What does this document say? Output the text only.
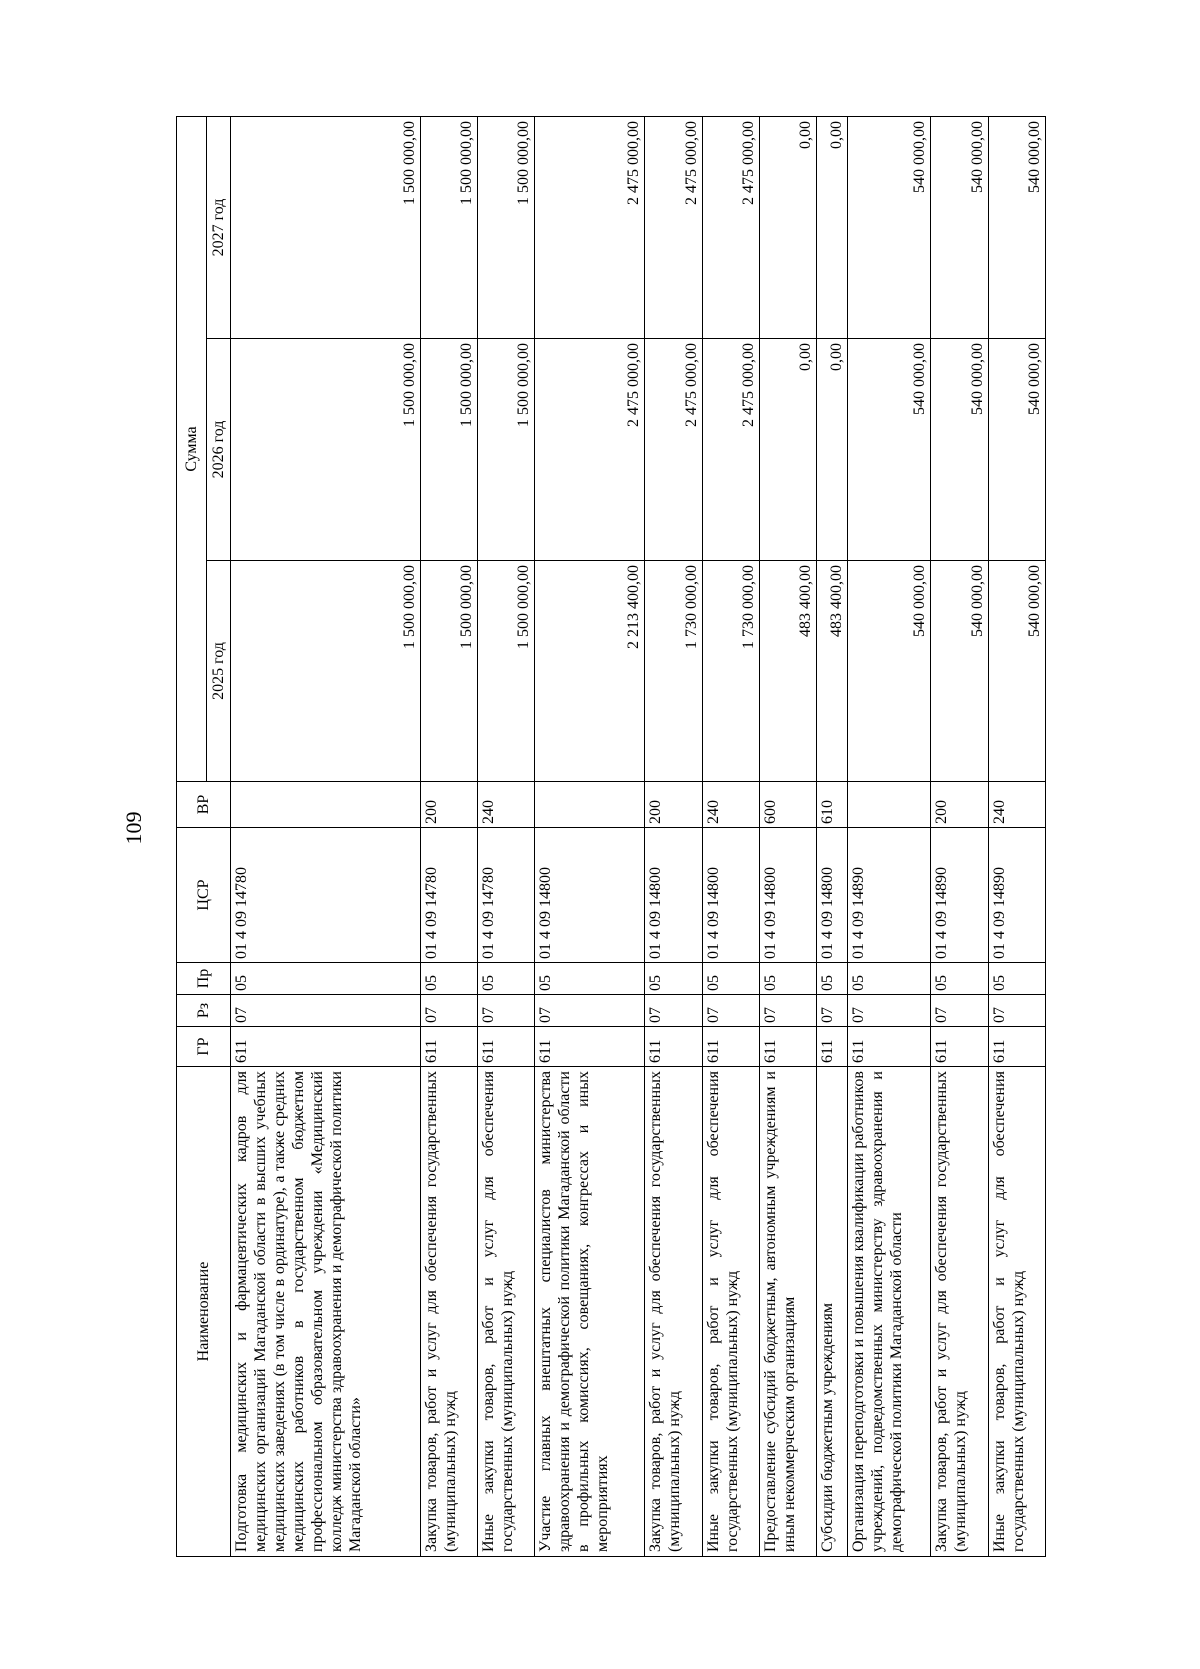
109
Наименование	ГР	Рз	Пр	ЦСР	ВР	Сумма		
						2025 год	2026 год	2027 год
Подготовка медицинских и фармацевтических кадров для медицинских организаций Магаданской области в высших учебных медицинских заведениях (в том числе в ординатуре), а также средних медицинских работников в государственном бюджетном профессиональном образовательном учреждении «Медицинский колледж министерства здравоохранения и демографической политики Магаданской области»	611	07	05	01 4 09 14780		1 500 000,00	1 500 000,00	1 500 000,00
Закупка товаров, работ и услуг для обеспечения государственных (муниципальных) нужд	611	07	05	01 4 09 14780	200	1 500 000,00	1 500 000,00	1 500 000,00
Иные закупки товаров, работ и услуг для обеспечения государственных (муниципальных) нужд	611	07	05	01 4 09 14780	240	1 500 000,00	1 500 000,00	1 500 000,00
Участие главных внештатных специалистов министерства здравоохранения и демографической политики Магаданской области в профильных комиссиях, совещаниях, конгрессах и иных мероприятиях	611	07	05	01 4 09 14800		2 213 400,00	2 475 000,00	2 475 000,00
Закупка товаров, работ и услуг для обеспечения государственных (муниципальных) нужд	611	07	05	01 4 09 14800	200	1 730 000,00	2 475 000,00	2 475 000,00
Иные закупки товаров, работ и услуг для обеспечения государственных (муниципальных) нужд	611	07	05	01 4 09 14800	240	1 730 000,00	2 475 000,00	2 475 000,00
Предоставление субсидий бюджетным, автономным учреждениям и иным некоммерческим организациям	611	07	05	01 4 09 14800	600	483 400,00	0,00	0,00
Субсидии бюджетным учреждениям	611	07	05	01 4 09 14800	610	483 400,00	0,00	0,00
Организация переподготовки и повышения квалификации работников учреждений, подведомственных министерству здравоохранения и демографической политики Магаданской области	611	07	05	01 4 09 14890		540 000,00	540 000,00	540 000,00
Закупка товаров, работ и услуг для обеспечения государственных (муниципальных) нужд	611	07	05	01 4 09 14890	200	540 000,00	540 000,00	540 000,00
Иные закупки товаров, работ и услуг для обеспечения государственных (муниципальных) нужд	611	07	05	01 4 09 14890	240	540 000,00	540 000,00	540 000,00
